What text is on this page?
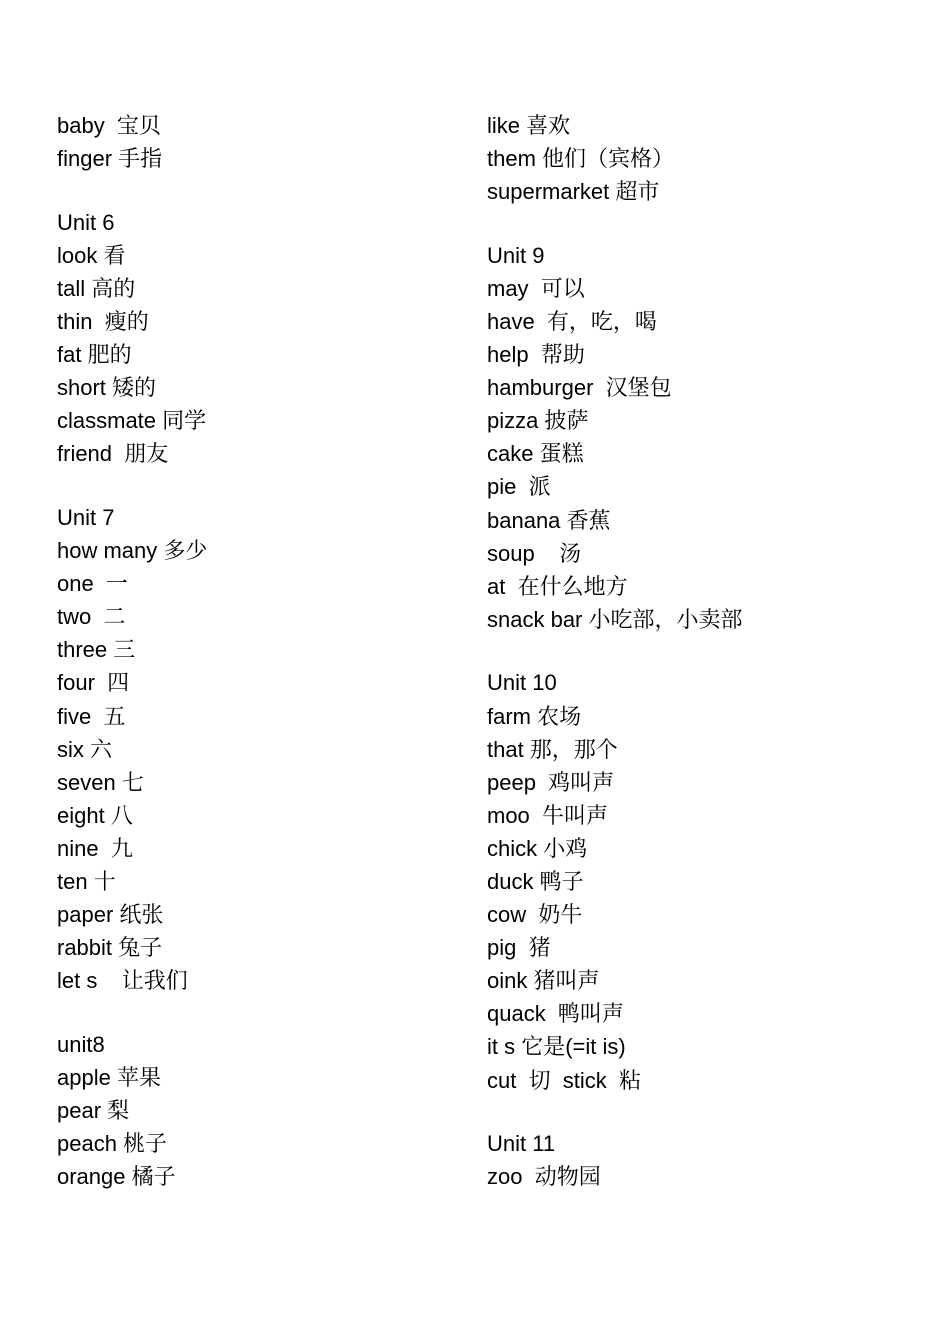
baby  宝贝
finger 手指
Unit 6
look 看
tall 高的
thin  瘦的
fat 肥的
short 矮的
classmate 同学
friend  朋友
Unit 7
how many 多少
one  一
two  二
three 三
four  四
five  五
six 六
seven 七
eight 八
nine  九
ten 十
paper 纸张
rabbit 兔子
let s    让我们
unit8
apple 苹果
pear 梨
peach 桃子
orange 橘子
like 喜欢
them 他们（宾格）
supermarket 超市
Unit 9
may  可以
have  有，吃，喝
help  帮助
hamburger  汉堡包
pizza 披萨
cake 蛋糕
pie  派
banana 香蕉
soup    汤
at  在什么地方
snack bar 小吃部，小卖部
Unit 10
farm 农场
that 那，那个
peep  鸡叫声
moo  牛叫声
chick 小鸡
duck 鸭子
cow  奶牛
pig  猪
oink 猪叫声
quack  鸭叫声
it s 它是(=it is)
cut  切  stick  粘
Unit 11
zoo  动物园
